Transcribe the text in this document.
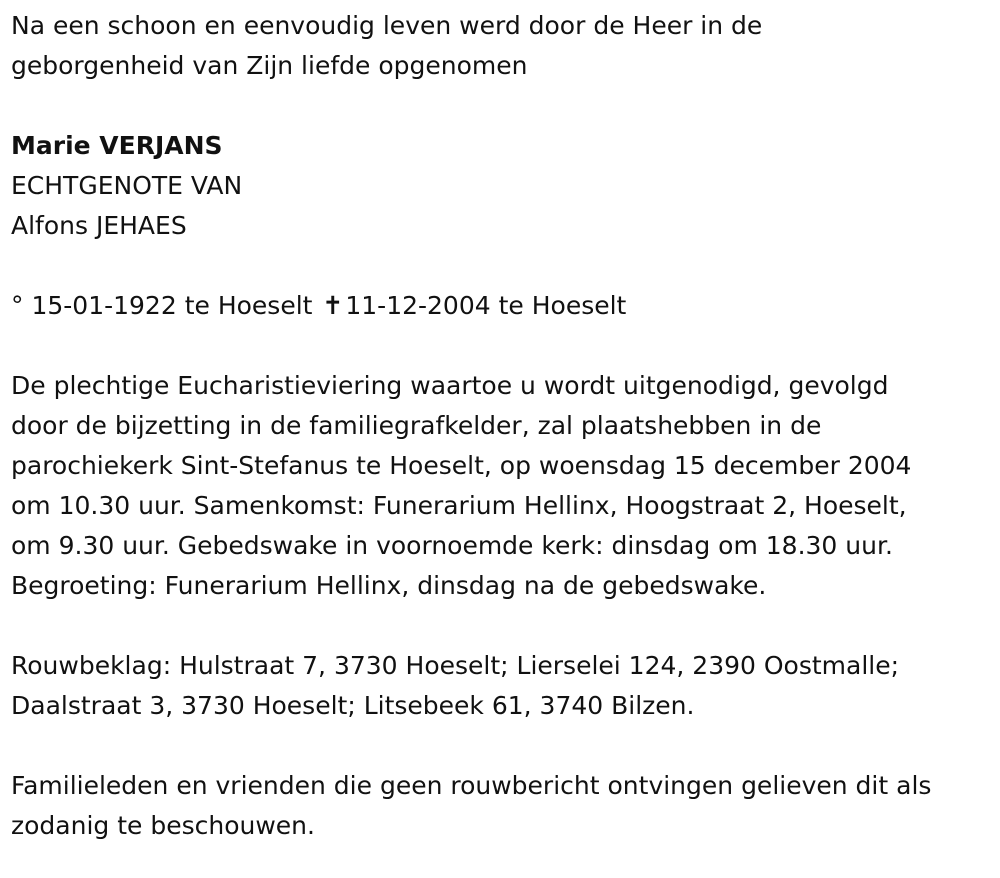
Na een schoon en eenvoudig leven werd door de Heer in de

geborgenheid van Zijn liefde opgenomen

Marie VERJANS

ECHTGENOTE VAN

Alfons JEHAES

° 15-01-1922 te Hoeselt ✝11-12-2004 te Hoeselt

De plechtige Eucharistieviering waartoe u wordt uitgenodigd, gevolgd

door de bijzetting in de familiegrafkelder, zal plaatshebben in de

parochiekerk Sint-Stefanus te Hoeselt, op woensdag 15 december 2004

om 10.30 uur. Samenkomst: Funerarium Hellinx, Hoogstraat 2, Hoeselt,

om 9.30 uur. Gebedswake in voornoemde kerk: dinsdag om 18.30 uur.

Begroeting: Funerarium Hellinx, dinsdag na de gebedswake.

Rouwbeklag: Hulstraat 7, 3730 Hoeselt; Lierselei 124, 2390 Oostmalle;

Daalstraat 3, 3730 Hoeselt; Litsebeek 61, 3740 Bilzen.

Familieleden en vrienden die geen rouwbericht ontvingen gelieven dit als

zodanig te beschouwen.
